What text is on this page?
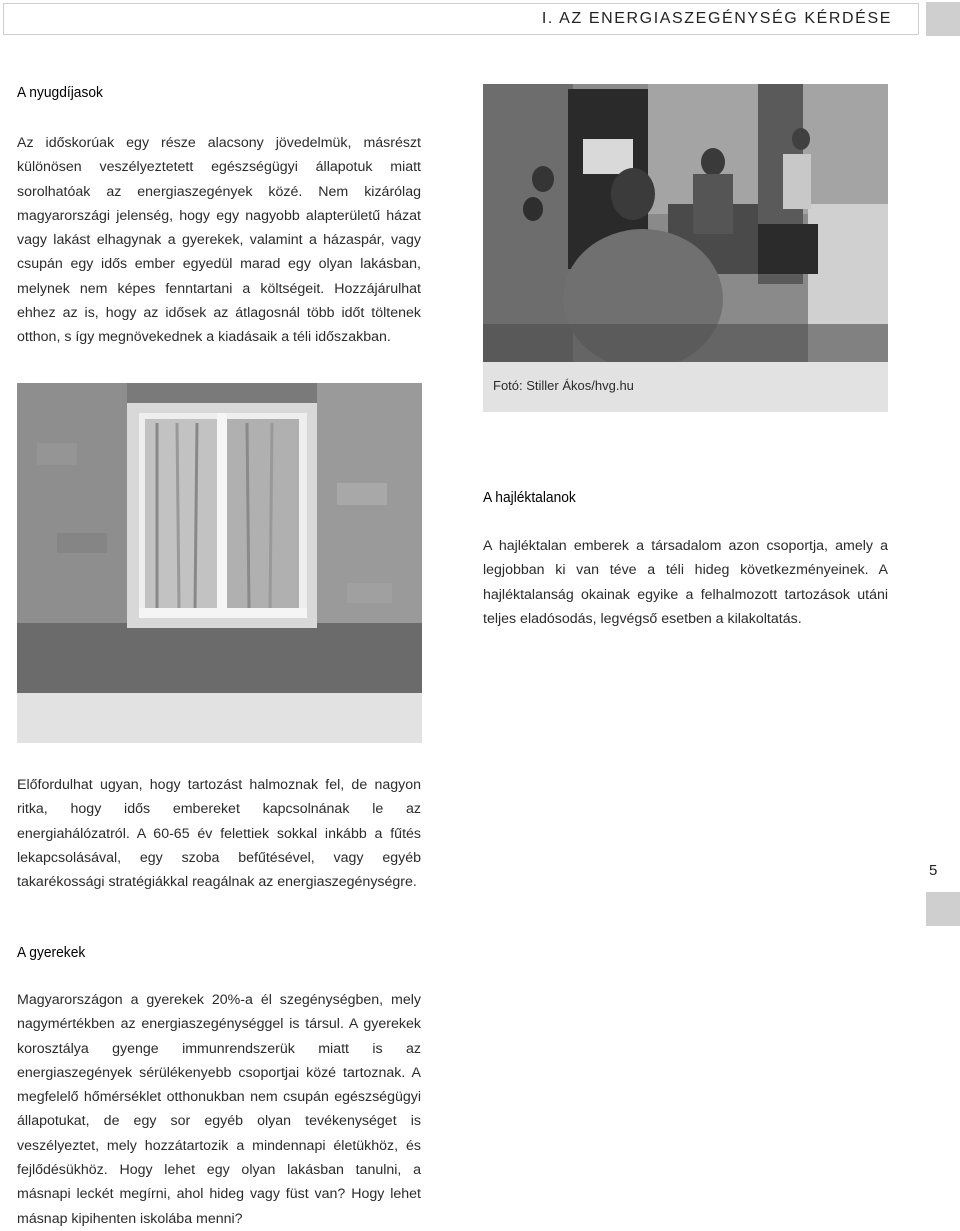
I. AZ ENERGIASZEGÉNYSÉG KÉRDÉSE
A nyugdíjasok
Az időskorúak egy része alacsony jövedelmük, másrészt különösen veszélyeztetett egészségügyi állapotuk miatt sorolhatóak az energiaszegények közé. Nem kizárólag magyarországi jelenség, hogy egy nagyobb alapterületű házat vagy lakást elhagynak a gyerekek, valamint a házaspár, vagy csupán egy idős ember egyedül marad egy olyan lakásban, melynek nem képes fenntartani a költségeit. Hozzájárulhat ehhez az is, hogy az idősek az átlagosnál több időt töltenek otthon, s így megnövekednek a kiadásaik a téli időszakban.
Fotó: Stiller Ákos/hvg.hu
A hajléktalanok
A hajléktalan emberek a társadalom azon csoportja, amely a legjobban ki van téve a téli hideg következményeinek. A hajléktalanság okainak egyike a felhalmozott tartozások utáni teljes eladósodás, legvégső esetben a kilakoltatás.
Előfordulhat ugyan, hogy tartozást halmoznak fel, de nagyon ritka, hogy idős embereket kapcsolnának le az energiahálózatról. A 60-65 év felettiek sokkal inkább a fűtés lekapcsolásával, egy szoba befűtésével, vagy egyéb takarékossági stratégiákkal reagálnak az energiaszegénységre.
5
A gyerekek
Magyarországon a gyerekek 20%-a él szegénységben, mely nagymértékben az energiaszegénységgel is társul. A gyerekek korosztálya gyenge immunrendszerük miatt is az energiaszegények sérülékenyebb csoportjai közé tartoznak. A megfelelő hőmérséklet otthonukban nem csupán egészségügyi állapotukat, de egy sor egyéb olyan tevékenységet is veszélyeztet, mely hozzátartozik a mindennapi életükhöz, és fejlődésükhöz. Hogy lehet egy olyan lakásban tanulni, a másnapi leckét megírni, ahol hideg vagy füst van? Hogy lehet másnap kipihenten iskolába menni?
